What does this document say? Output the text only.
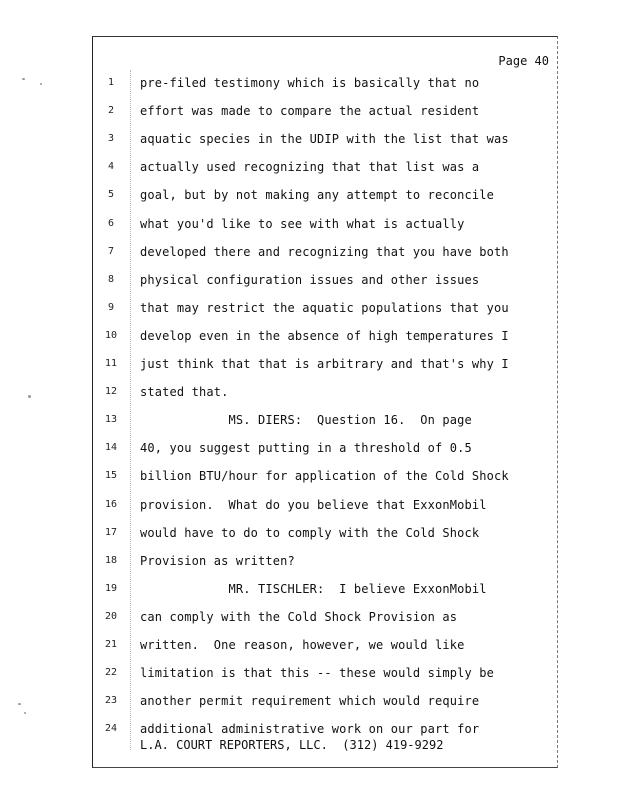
Page 40
1	pre-filed testimony which is basically that no
2	effort was made to compare the actual resident
3	aquatic species in the UDIP with the list that was
4	actually used recognizing that that list was a
5	goal, but by not making any attempt to reconcile
6	what you'd like to see with what is actually
7	developed there and recognizing that you have both
8	physical configuration issues and other issues
9	that may restrict the aquatic populations that you
10	develop even in the absence of high temperatures I
11	just think that that is arbitrary and that's why I
12	stated that.
13	MS. DIERS:  Question 16.  On page
14	40, you suggest putting in a threshold of 0.5
15	billion BTU/hour for application of the Cold Shock
16	provision.  What do you believe that ExxonMobil
17	would have to do to comply with the Cold Shock
18	Provision as written?
19	MR. TISCHLER:  I believe ExxonMobil
20	can comply with the Cold Shock Provision as
21	written.  One reason, however, we would like
22	limitation is that this -- these would simply be
23	another permit requirement which would require
24	additional administrative work on our part for
L.A. COURT REPORTERS, LLC.  (312) 419-9292
